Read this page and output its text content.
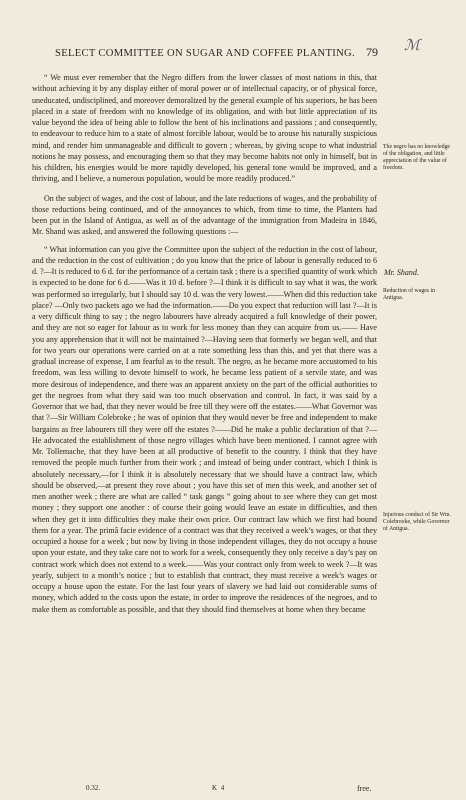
SELECT COMMITTEE ON SUGAR AND COFFEE PLANTING. 79 ℳ

“ We must ever remember that the Negro differs from the lower classes of most nations in this, that without achieving it by any display either of moral power or of intellectual capacity, or of physical force, uneducated, undisciplined, and moreover demoralized by the general example of his superiors, he has been placed in a state of freedom with no knowledge of its obligation, and with but little appreciation of its value beyond the idea of being able to follow the bent of his inclinations and passions ; and consequently, to endeavour to reduce him to a state of almost forcible labour, would be to arouse his naturally suspicious mind, and render him unmanageable and difficult to govern ; whereas, by giving scope to what industrial notions he may possess, and encouraging them so that they may become habits not only in himself, but in his children, his energies would be more rapidly developed, his general tone would be improved, and a thriving, and I believe, a numerous population, would be more readily produced.”

On the subject of wages, and the cost of labour, and the late reductions of wages, and the probability of those reductions being continued, and of the annoyances to which, from time to time, the Planters had been put in the Island of Antigua, as well as of the advantage of the immigration from Madeira in 1846, Mr. Shand was asked, and answered the following questions :—

“ What information can you give the Committee upon the subject of the reduction in the cost of labour, and the reduction in the cost of cultivation ; do you know that the price of labour is generally reduced to 6 d. ?—It is reduced to 6 d. for the performance of a certain task ; there is a specified quantity of work which is expected to be done for 6 d.——Was it 10 d. before ?—I think it is difficult to say what it was, the work was performed so irregularly, but I should say 10 d. was the very lowest.——When did this reduction take place? —Only two packets ago we had the information.——Do you expect that reduction will last ?—It is a very difficult thing to say ; the negro labourers have already acquired a full knowledge of their power, and they are not so eager for labour as to work for less money than they can acquire from us.—— Have you any apprehension that it will not be maintained ?—Having seen that formerly we began well, and that for two years our operations were carried on at a rate something less than this, and yet that there was a gradual increase of expense, I am fearful as to the result. The negro, as he became more accustomed to his freedom, was less willing to devote himself to work, he became less patient of a servile state, and was more desirous of independence, and there was an apparent anxiety on the part of the official authorities to get the negroes from what they said was too much observation and control. In fact, it was said by a Governor that we had, that they never would be free till they were off the estates.——What Governor was that ?—Sir William Colebroke ; he was of opinion that they would never be free and independent to make bargains as free labourers till they were off the estates ?——Did he make a public declaration of that ?—He advocated the establishment of those negro villages which have been mentioned. I cannot agree with Mr. Tollemache, that they have been at all productive of benefit to the country. I think that they have removed the people much further from their work ; and instead of being under contract, which I think is absolutely necessary,—for I think it is absolutely necessary that we should have a contract law, which should be observed,—at present they rove about ; you have this set of men this week, and another set of men another week ; there are what are called “ task gangs ” going about to see where they can get most money ; they support one another : of course their going would leave an estate in difficulties, and then when they get it into difficulties they make their own price. Our contract law which we first had bound them for a year. The primâ facie evidence of a contract was that they received a week’s wages, or that they occupied a house for a week ; but now by living in those independent villages, they do not occupy a house upon your estate, and they take care not to work for a week, consequently they only receive a day’s pay on contract work which does not extend to a week.——Was your contract only from week to week ?—It was yearly, subject to a month’s notice ; but to establish that contract, they must receive a week’s wages or occupy a house upon the estate. For the last four years of slavery we had laid out considerable sums of money, which added to the costs upon the estate, in order to improve the residences of the negroes, and to make them as comfortable as possible, and that they should find themselves at home when they became

The negro has no knowledge of the obligation, and little appreciation of the value of freedom.
Mr. Shand.
Reduction of wages in Antigua.
Injurious conduct of Sir Wm. Colebrooke, while Governor of Antigua.
0.32.	K 4	free.
